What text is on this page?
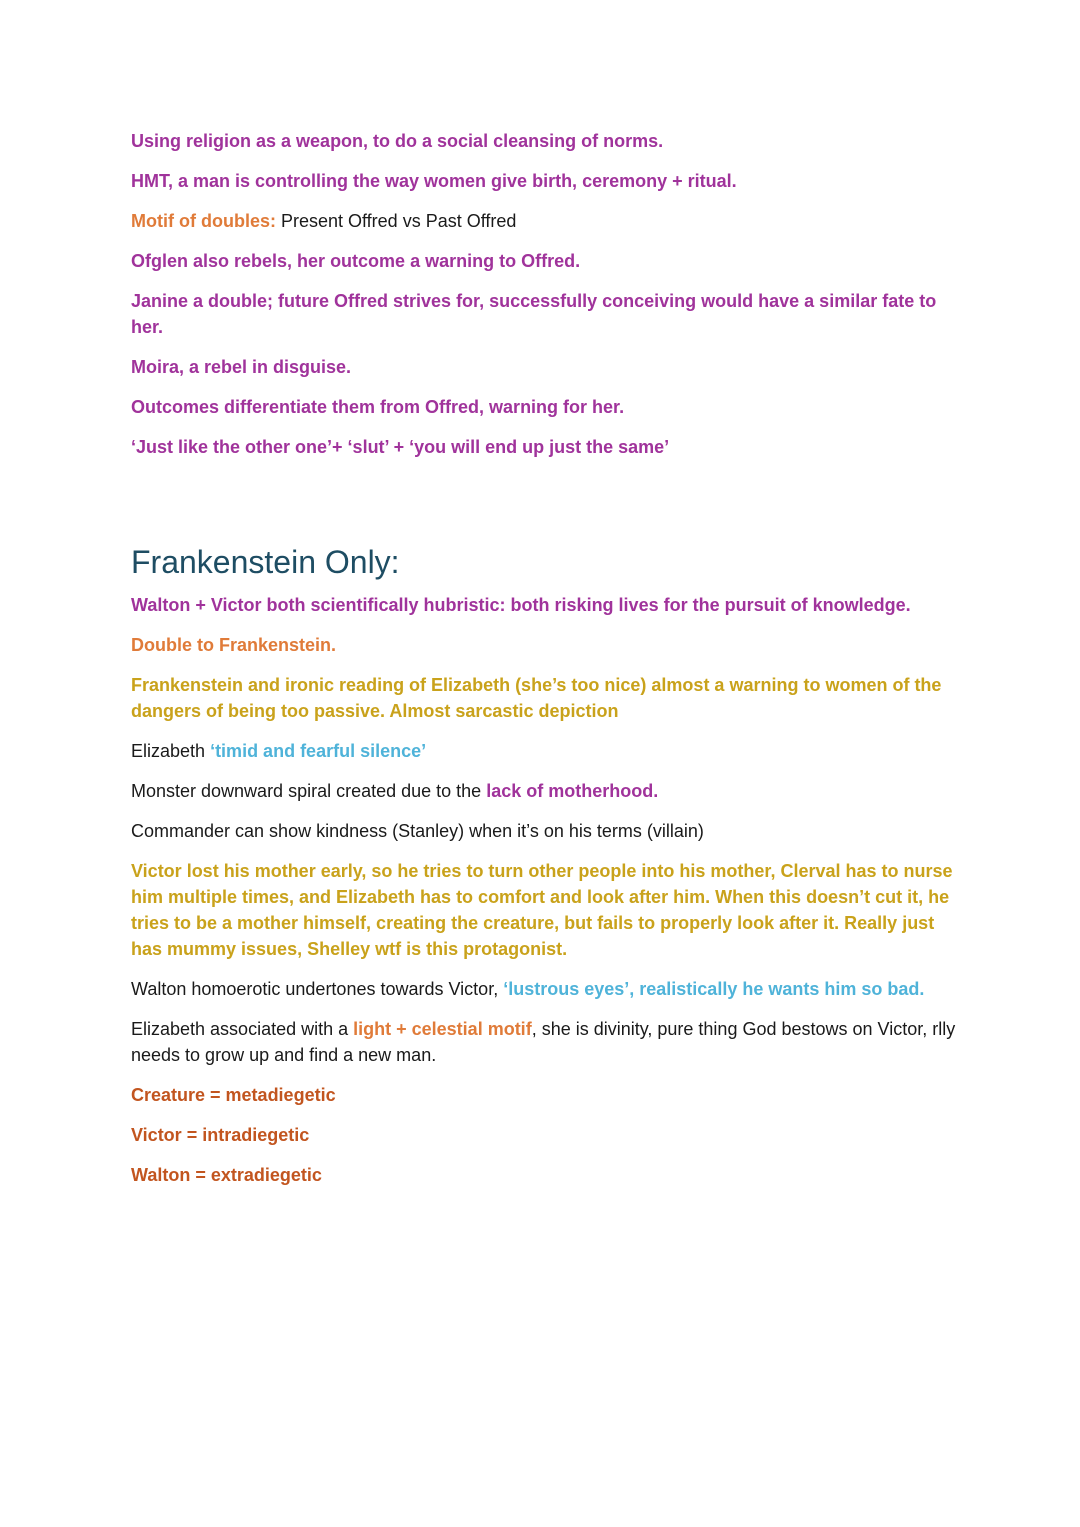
Using religion as a weapon, to do a social cleansing of norms.

HMT, a man is controlling the way women give birth, ceremony + ritual.

Motif of doubles: Present Offred vs Past Offred

Ofglen also rebels, her outcome a warning to Offred.

Janine a double; future Offred strives for, successfully conceiving would have a similar fate to her.

Moira, a rebel in disguise.

Outcomes differentiate them from Offred, warning for her.

‘Just like the other one’+ ‘slut’ + ‘you will end up just the same’

Frankenstein Only:

Walton + Victor both scientifically hubristic: both risking lives for the pursuit of knowledge.

Double to Frankenstein.

Frankenstein and ironic reading of Elizabeth (she’s too nice) almost a warning to women of the dangers of being too passive. Almost sarcastic depiction

Elizabeth ‘timid and fearful silence’

Monster downward spiral created due to the lack of motherhood.

Commander can show kindness (Stanley) when it’s on his terms (villain)

Victor lost his mother early, so he tries to turn other people into his mother, Clerval has to nurse him multiple times, and Elizabeth has to comfort and look after him. When this doesn’t cut it, he tries to be a mother himself, creating the creature, but fails to properly look after it. Really just has mummy issues, Shelley wtf is this protagonist.

Walton homoerotic undertones towards Victor, ‘lustrous eyes’, realistically he wants him so bad.

Elizabeth associated with a light + celestial motif, she is divinity, pure thing God bestows on Victor, rlly needs to grow up and find a new man.

Creature = metadiegetic

Victor = intradiegetic

Walton = extradiegetic
